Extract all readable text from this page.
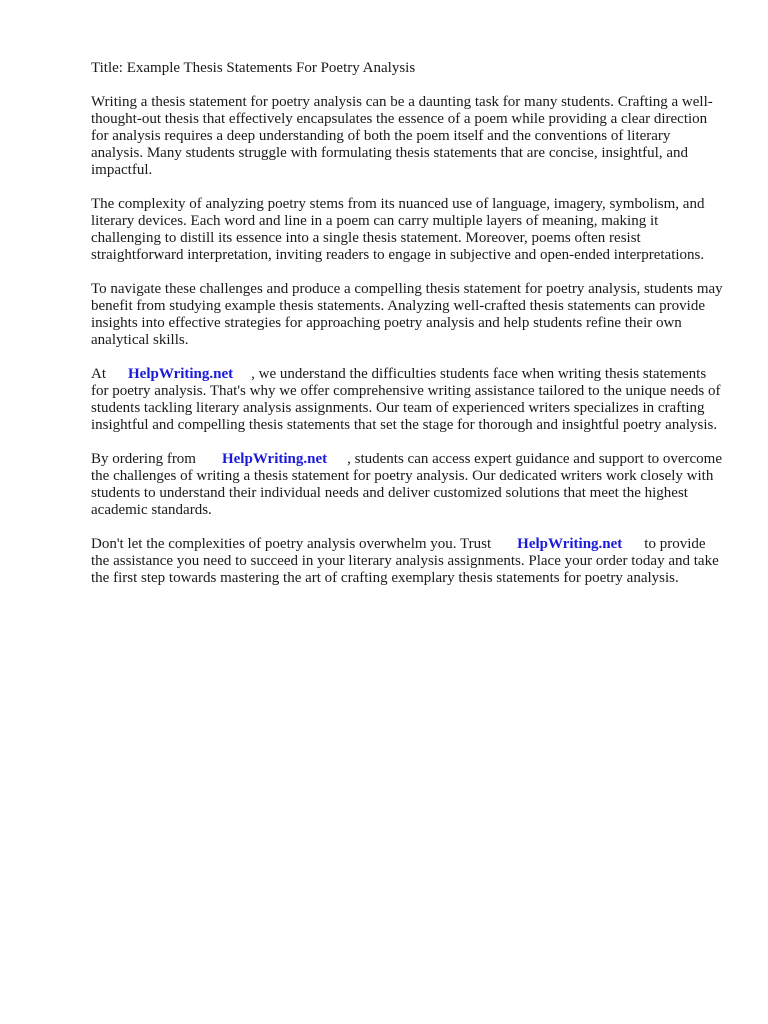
Title: Example Thesis Statements For Poetry Analysis

Writing a thesis statement for poetry analysis can be a daunting task for many students. Crafting a well-thought-out thesis that effectively encapsulates the essence of a poem while providing a clear direction for analysis requires a deep understanding of both the poem itself and the conventions of literary analysis. Many students struggle with formulating thesis statements that are concise, insightful, and impactful.

The complexity of analyzing poetry stems from its nuanced use of language, imagery, symbolism, and literary devices. Each word and line in a poem can carry multiple layers of meaning, making it challenging to distill its essence into a single thesis statement. Moreover, poems often resist straightforward interpretation, inviting readers to engage in subjective and open-ended interpretations.

To navigate these challenges and produce a compelling thesis statement for poetry analysis, students may benefit from studying example thesis statements. Analyzing well-crafted thesis statements can provide insights into effective strategies for approaching poetry analysis and help students refine their own analytical skills.

At HelpWriting.net , we understand the difficulties students face when writing thesis statements for poetry analysis. That's why we offer comprehensive writing assistance tailored to the unique needs of students tackling literary analysis assignments. Our team of experienced writers specializes in crafting insightful and compelling thesis statements that set the stage for thorough and insightful poetry analysis.

By ordering from HelpWriting.net , students can access expert guidance and support to overcome the challenges of writing a thesis statement for poetry analysis. Our dedicated writers work closely with students to understand their individual needs and deliver customized solutions that meet the highest academic standards.

Don't let the complexities of poetry analysis overwhelm you. Trust HelpWriting.net to provide the assistance you need to succeed in your literary analysis assignments. Place your order today and take the first step towards mastering the art of crafting exemplary thesis statements for poetry analysis.
